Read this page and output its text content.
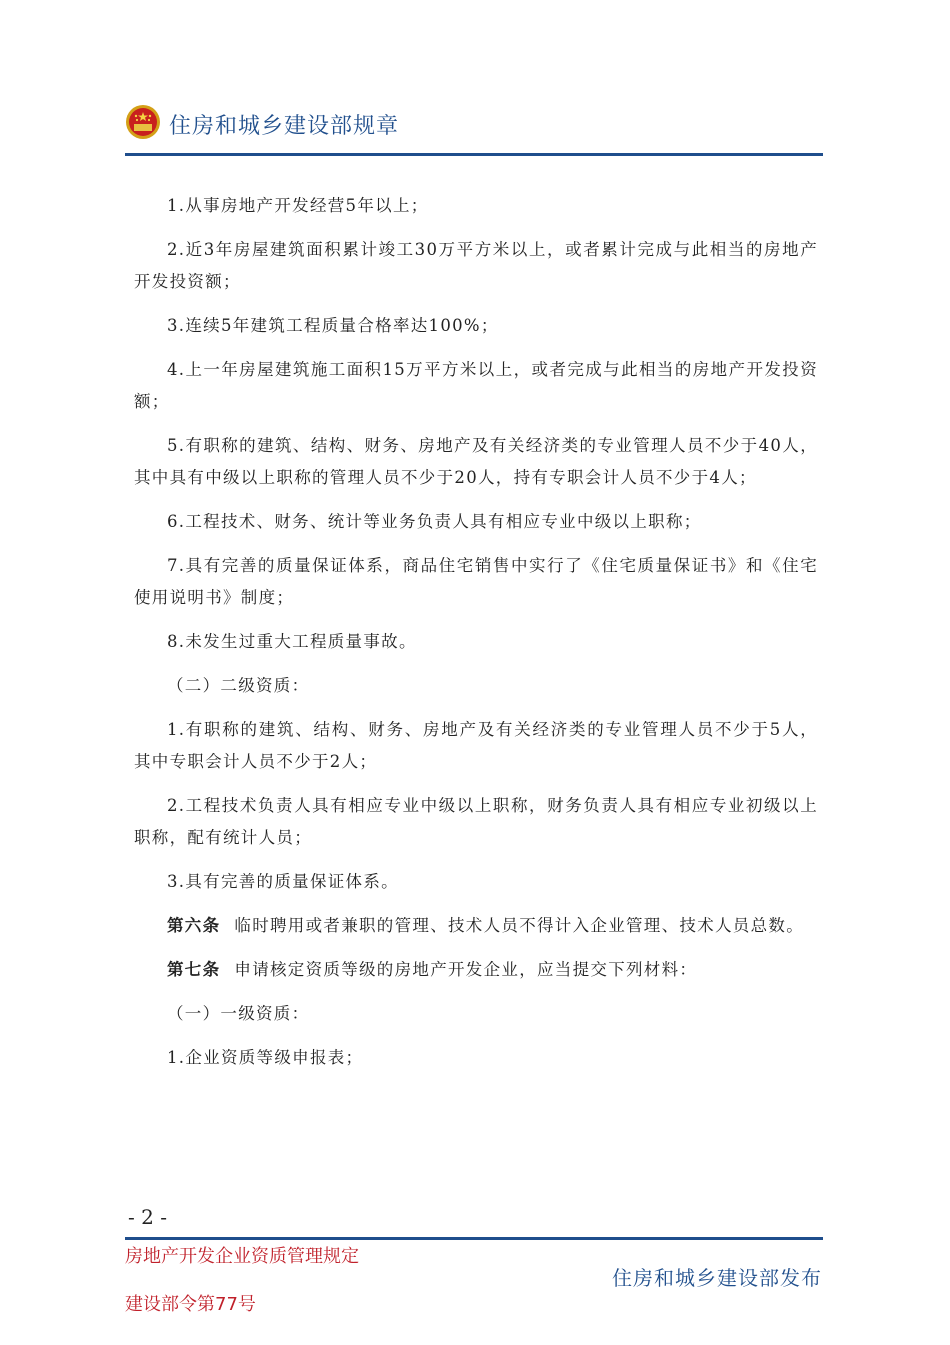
住房和城乡建设部规章

1.从事房地产开发经营5年以上；

2.近3年房屋建筑面积累计竣工30万平方米以上，或者累计完成与此相当的房地产开发投资额；

3.连续5年建筑工程质量合格率达100%；

4.上一年房屋建筑施工面积15万平方米以上，或者完成与此相当的房地产开发投资额；

5.有职称的建筑、结构、财务、房地产及有关经济类的专业管理人员不少于40人，其中具有中级以上职称的管理人员不少于20人，持有专职会计人员不少于4人；

6.工程技术、财务、统计等业务负责人具有相应专业中级以上职称；

7.具有完善的质量保证体系，商品住宅销售中实行了《住宅质量保证书》和《住宅使用说明书》制度；

8.未发生过重大工程质量事故。

（二）二级资质：

1.有职称的建筑、结构、财务、房地产及有关经济类的专业管理人员不少于5人，其中专职会计人员不少于2人；

2.工程技术负责人具有相应专业中级以上职称，财务负责人具有相应专业初级以上职称，配有统计人员；

3.具有完善的质量保证体系。

第六条 临时聘用或者兼职的管理、技术人员不得计入企业管理、技术人员总数。

第七条 申请核定资质等级的房地产开发企业，应当提交下列材料：

（一）一级资质：

1.企业资质等级申报表；

- 2 -
房地产开发企业资质管理规定
建设部令第77号
住房和城乡建设部发布
